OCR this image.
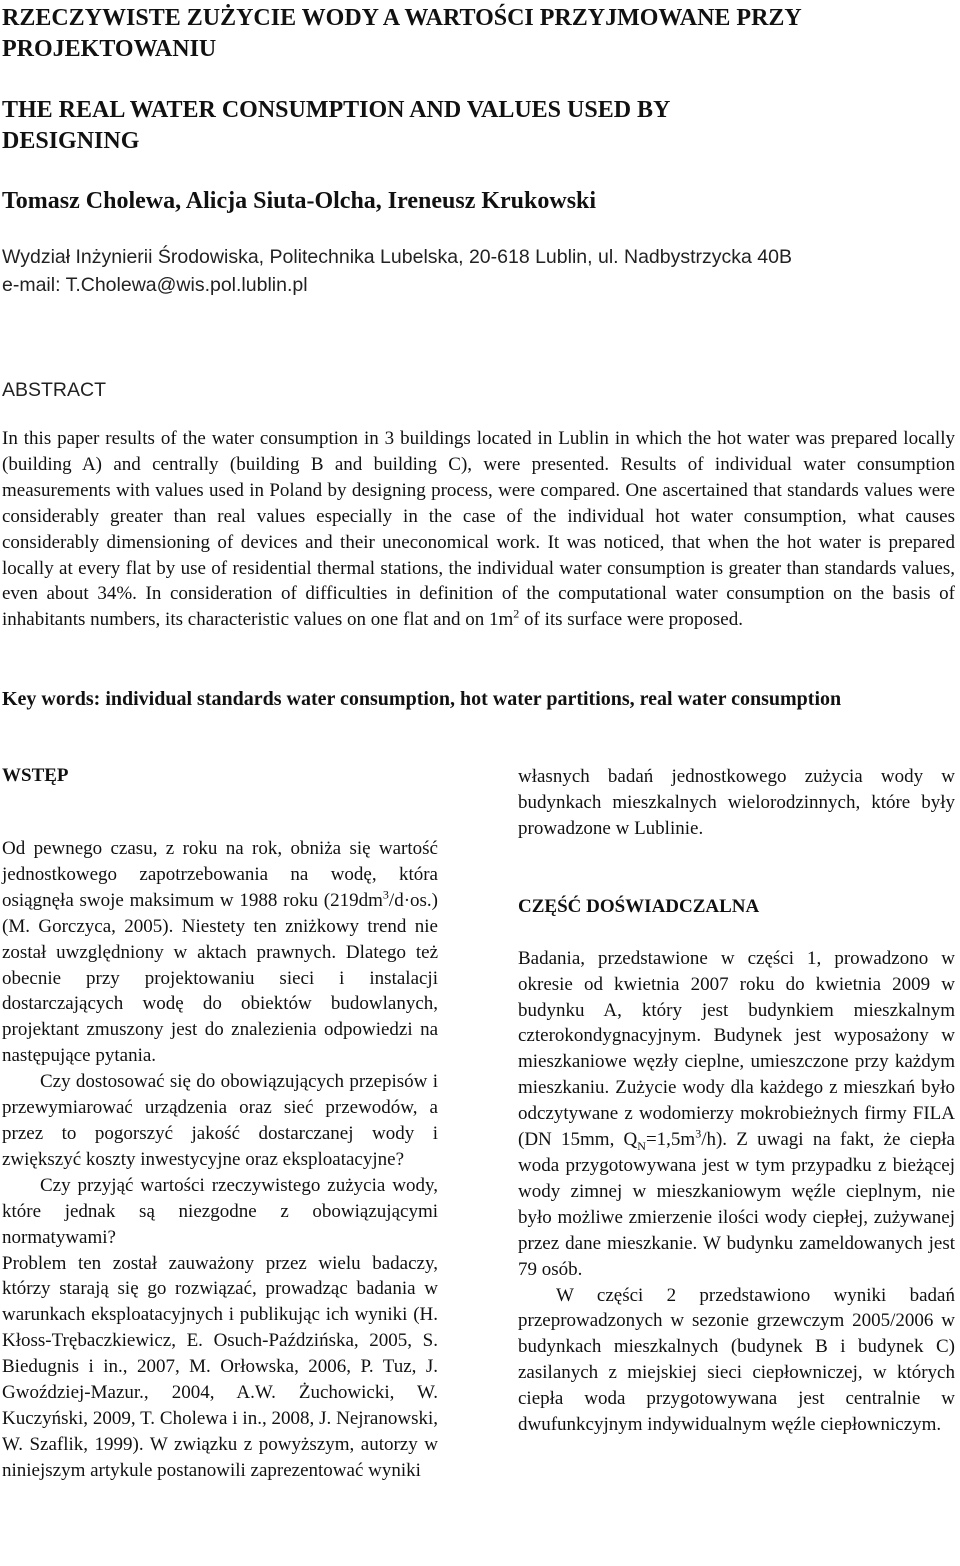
RZECZYWISTE ZUŻYCIE WODY A WARTOŚCI PRZYJMOWANE PRZY PROJEKTOWANIU
THE REAL WATER CONSUMPTION AND VALUES USED BY DESIGNING

Tomasz Cholewa, Alicja Siuta-Olcha, Ireneusz Krukowski

Wydział Inżynierii Środowiska, Politechnika Lubelska, 20-618 Lublin, ul. Nadbystrzycka 40B
e-mail: T.Cholewa@wis.pol.lublin.pl
ABSTRACT

In this paper results of the water consumption in 3 buildings located in Lublin in which the hot water was prepared locally (building A) and centrally (building B and building C), were presented. Results of individual water consumption measurements with values used in Poland by designing process, were compared. One ascertained that standards values were considerably greater than real values especially in the case of the individual hot water consumption, what causes considerably dimensioning of devices and their uneconomical work. It was noticed, that when the hot water is prepared locally at every flat by use of residential thermal stations, the individual water consumption is greater than standards values, even about 34%. In consideration of difficulties in definition of the computational water consumption on the basis of inhabitants numbers, its characteristic values on one flat and on $1m^2$ of its surface were proposed.

Key words: individual standards water consumption, hot water partitions, real water consumption

WSTĘP

Od pewnego czasu, z roku na rok, obniża się wartość jednostkowego zapotrzebowania na wodę, która osiągnęła swoje maksimum w 1988 roku $(219dm^3/d\cdot os.)$ (M. Gorczyca, 2005). Niestety ten zniżkowy trend nie został uwzględniony w aktach prawnych. Dlatego też obecnie przy projektowaniu sieci i instalacji dostarczających wodę do obiektów budowlanych, projektant zmuszony jest do znalezienia odpowiedzi na następujące pytania.

Czy dostosować się do obowiązujących przepisów i przewymiarować urządzenia oraz sieć przewodów, a przez to pogorszyć jakość dostarczanej wody i zwiększyć koszty inwestycyjne oraz eksploatacyjne?

Czy przyjąć wartości rzeczywistego zużycia wody, które jednak są niezgodne z obowiązującymi normatywami?

Problem ten został zauważony przez wielu badaczy, którzy starają się go rozwiązać, prowadząc badania w warunkach eksploatacyjnych i publikując ich wyniki (H. Kłoss-Trębaczkiewicz, E. Osuch-Paździńska, 2005, S. Biedugnis i in., 2007, M. Orłowska, 2006, P. Tuz, J. Gwoździej-Mazur., 2004, A.W. Żuchowicki, W. Kuczyński, 2009, T. Cholewa i in., 2008, J. Nejranowski, W. Szaflik, 1999). W związku z powyższym, autorzy w niniejszym artykule postanowili zaprezentować wyniki

własnych badań jednostkowego zużycia wody w budynkach mieszkalnych wielorodzinnych, które były prowadzone w Lublinie.

CZĘŚĆ DOŚWIADCZALNA

Badania, przedstawione w części 1, prowadzono w okresie od kwietnia 2007 roku do kwietnia 2009 w budynku A, który jest budynkiem mieszkalnym czterokondygnacyjnym. Budynek jest wyposażony w mieszkaniowe węzły cieplne, umieszczone przy każdym mieszkaniu. Zużycie wody dla każdego z mieszkań było odczytywane z wodomierzy mokrobieżnych firmy FILA (DN 15mm, $Q_N=1,5m^3/h$). Z uwagi na fakt, że ciepła woda przygotowywana jest w tym przypadku z bieżącej wody zimnej w mieszkaniowym węźle cieplnym, nie było możliwe zmierzenie ilości wody ciepłej, zużywanej przez dane mieszkanie. W budynku zameldowanych jest 79 osób.

W części 2 przedstawiono wyniki badań przeprowadzonych w sezonie grzewczym 2005/2006 w budynkach mieszkalnych (budynek B i budynek C) zasilanych z miejskiej sieci ciepłowniczej, w których ciepła woda przygotowywana jest centralnie w dwufunkcyjnym indywidualnym węźle ciepłowniczym.
